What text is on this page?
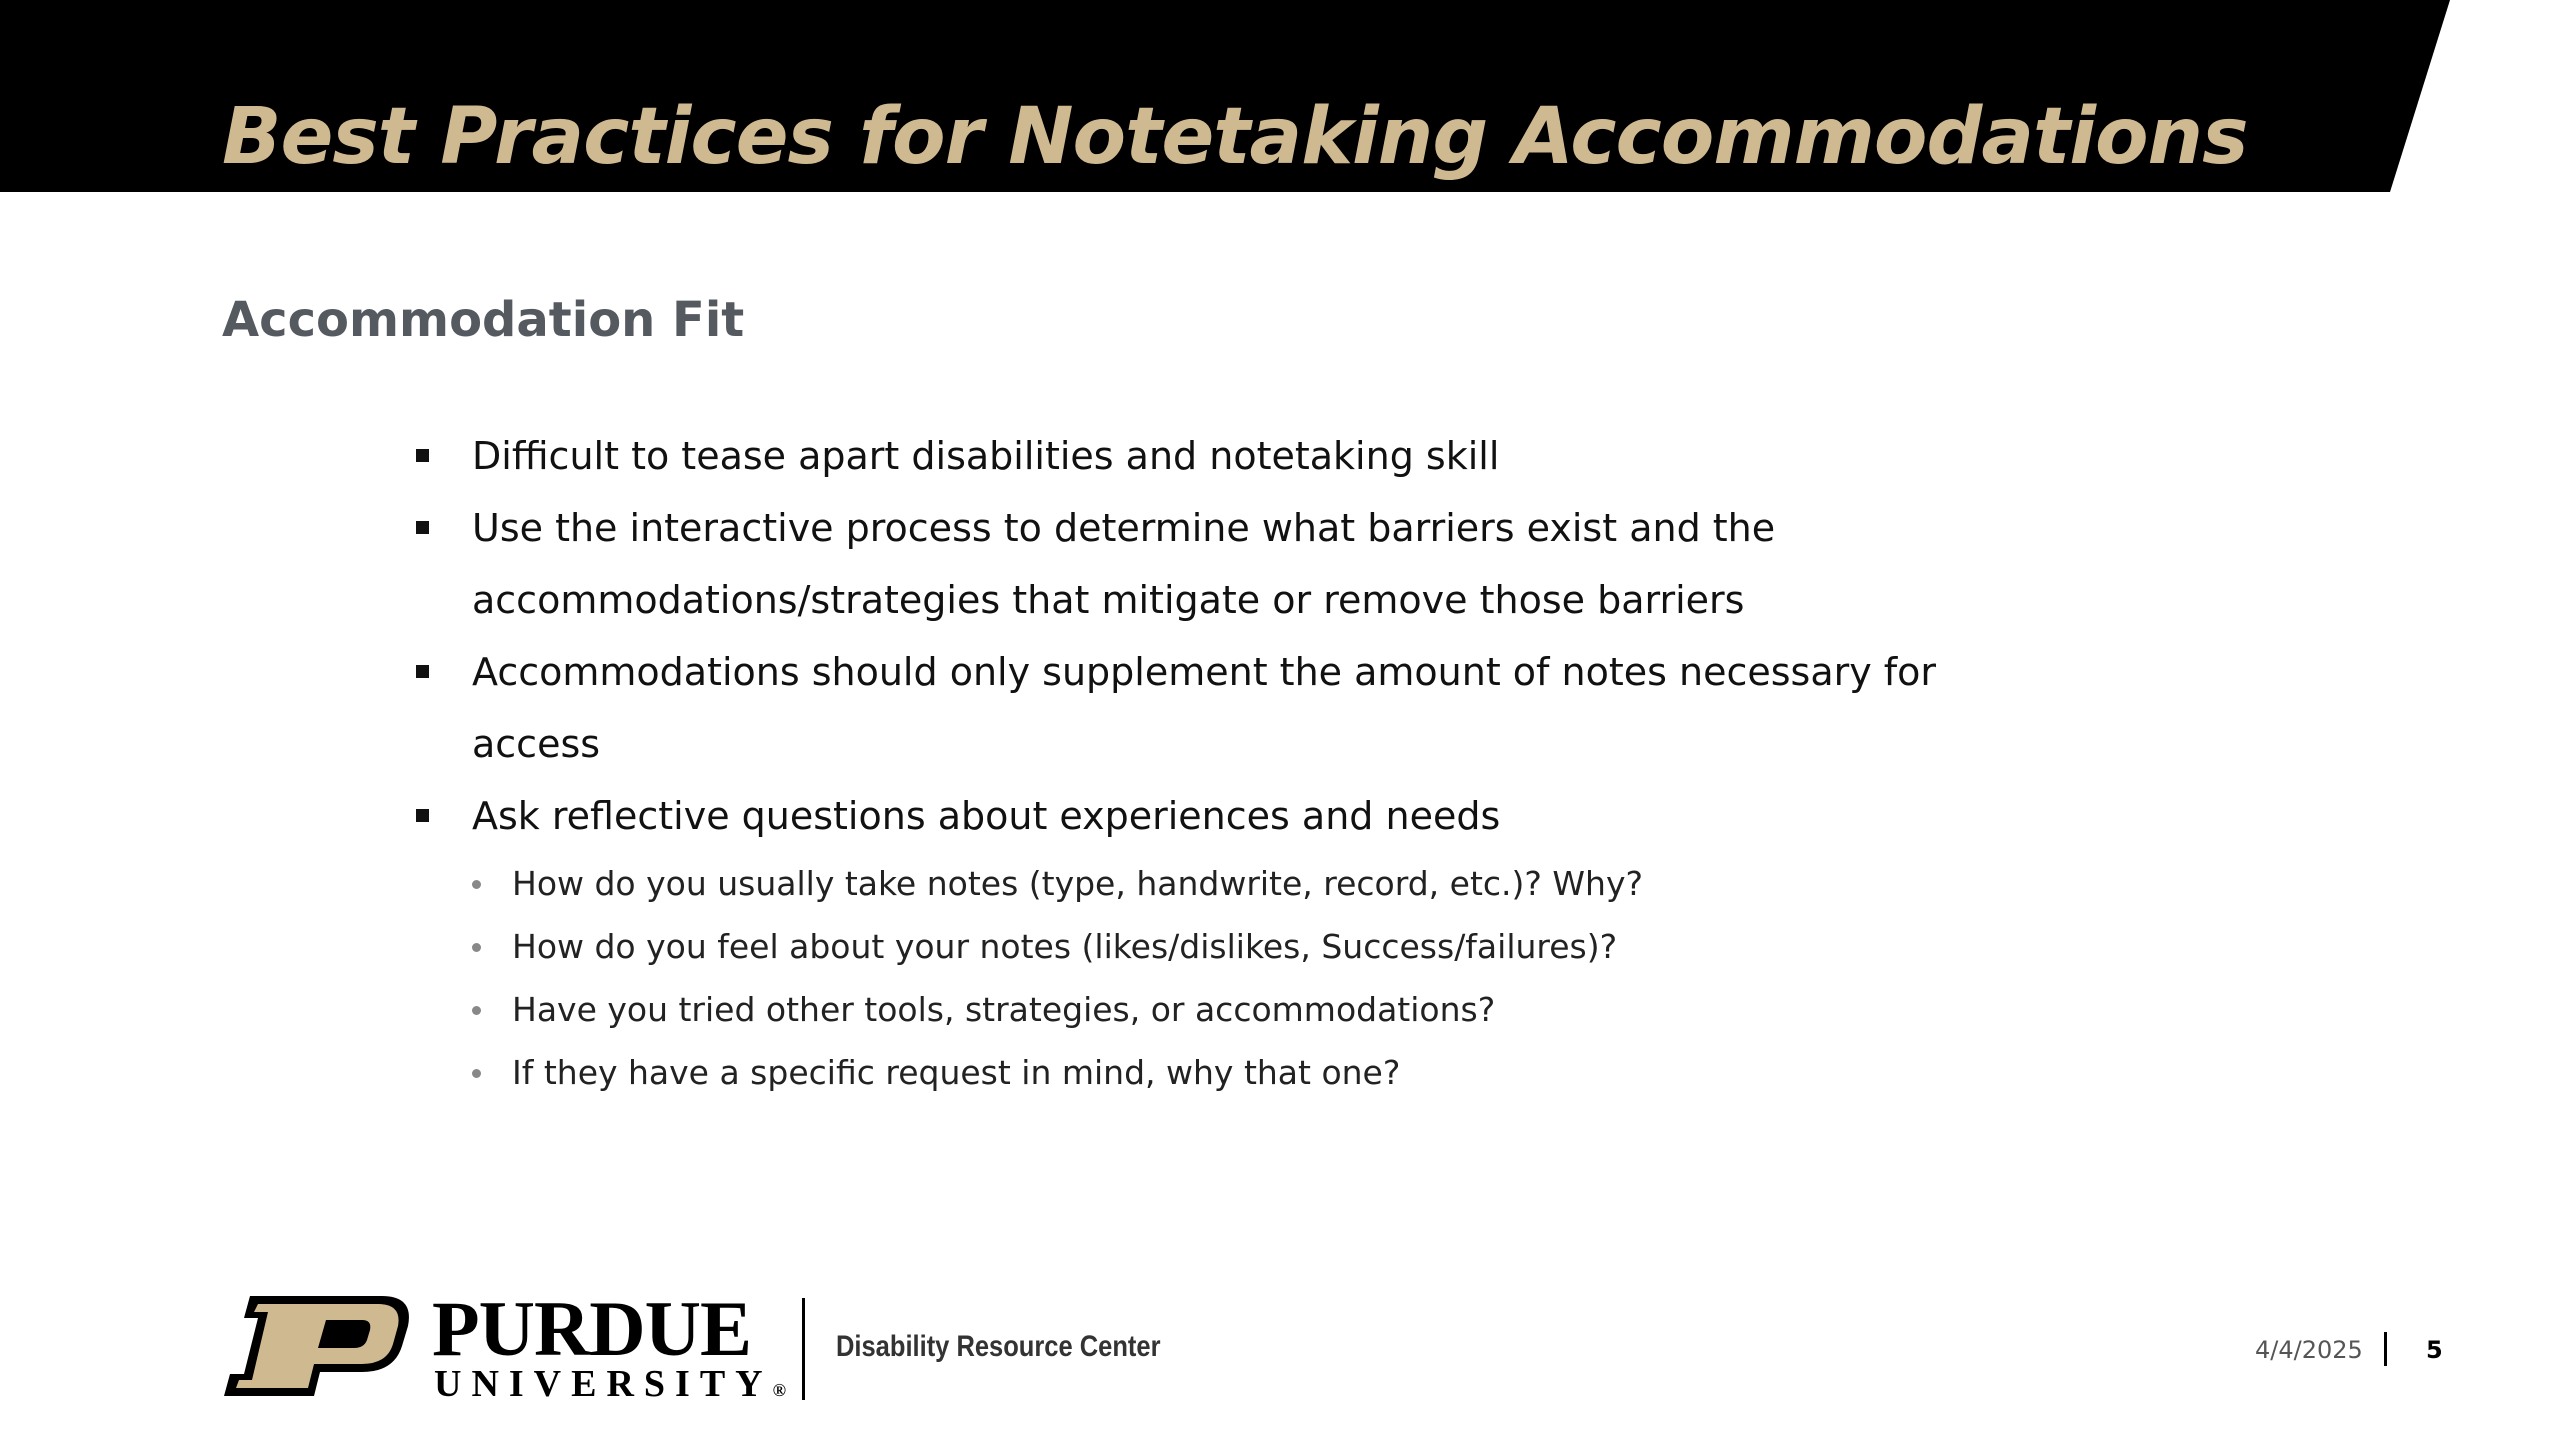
Best Practices for Notetaking Accommodations
Accommodation Fit
Difficult to tease apart disabilities and notetaking skill
Use the interactive process to determine what barriers exist and the accommodations/strategies that mitigate or remove those barriers
Accommodations should only supplement the amount of notes necessary for access
Ask reflective questions about experiences and needs
How do you usually take notes (type, handwrite, record, etc.)? Why?
How do you feel about your notes (likes/dislikes, Success/failures)?
Have you tried other tools, strategies, or accommodations?
If they have a specific request in mind, why that one?
PURDUE
UNIVERSITY®
Disability Resource Center	4/4/2025	5
